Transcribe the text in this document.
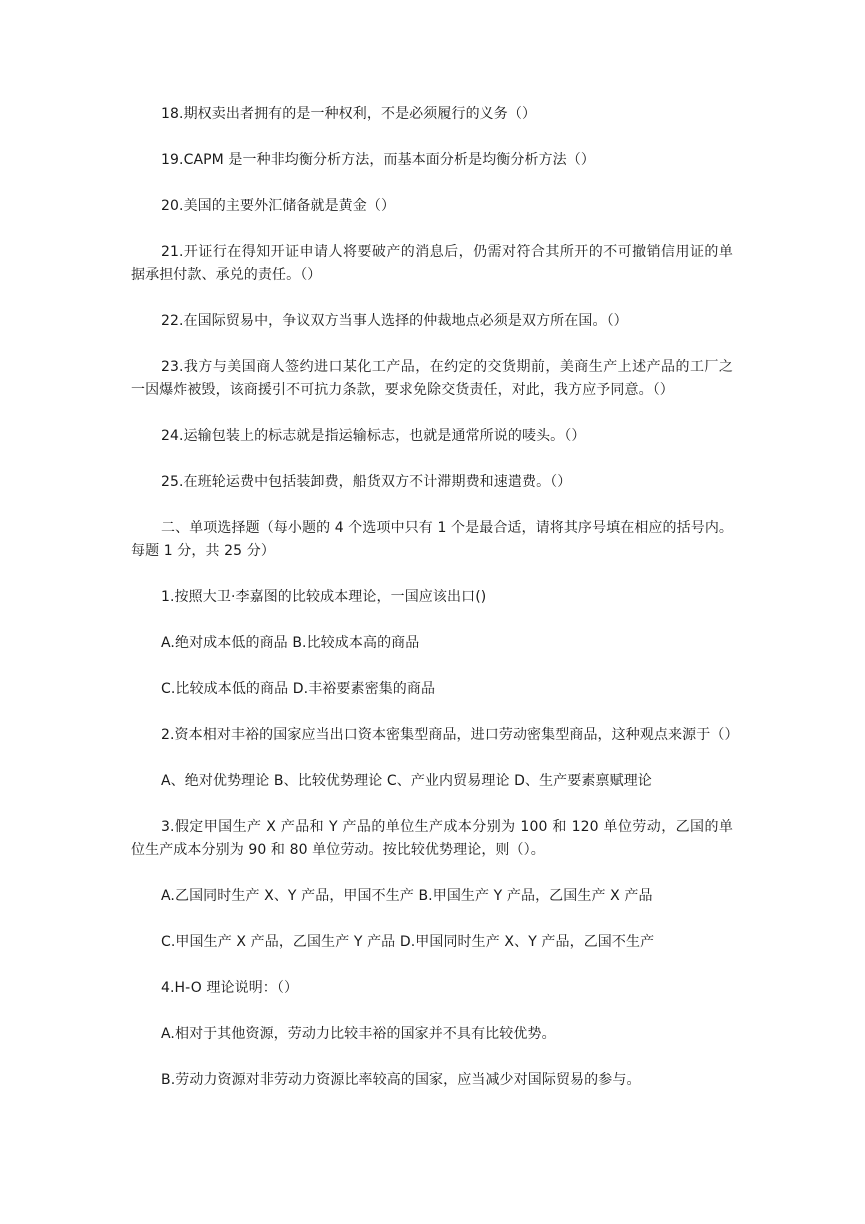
18.期权卖出者拥有的是一种权利，不是必须履行的义务（）

19.CAPM 是一种非均衡分析方法，而基本面分析是均衡分析方法（）

20.美国的主要外汇储备就是黄金（）

21.开证行在得知开证申请人将要破产的消息后，仍需对符合其所开的不可撤销信用证的单据承担付款、承兑的责任。（）

22.在国际贸易中，争议双方当事人选择的仲裁地点必须是双方所在国。（）

23.我方与美国商人签约进口某化工产品，在约定的交货期前，美商生产上述产品的工厂之一因爆炸被毁，该商援引不可抗力条款，要求免除交货责任，对此，我方应予同意。（）

24.运输包装上的标志就是指运输标志，也就是通常所说的唛头。（）

25.在班轮运费中包括装卸费，船货双方不计滞期费和速遣费。（）

二、单项选择题（每小题的 4 个选项中只有 1 个是最合适，请将其序号填在相应的括号内。每题 1 分，共 25 分）

1.按照大卫·李嘉图的比较成本理论，一国应该出口()

A.绝对成本低的商品 B.比较成本高的商品

C.比较成本低的商品 D.丰裕要素密集的商品

2.资本相对丰裕的国家应当出口资本密集型商品，进口劳动密集型商品，这种观点来源于（）

A、绝对优势理论 B、比较优势理论 C、产业内贸易理论 D、生产要素禀赋理论

3.假定甲国生产 X 产品和 Y 产品的单位生产成本分别为 100 和 120 单位劳动，乙国的单位生产成本分别为 90 和 80 单位劳动。按比较优势理论，则（）。

A.乙国同时生产 X、Y 产品，甲国不生产 B.甲国生产 Y 产品，乙国生产 X 产品

C.甲国生产 X 产品，乙国生产 Y 产品 D.甲国同时生产 X、Y 产品，乙国不生产

4.H-O 理论说明：（）

A.相对于其他资源，劳动力比较丰裕的国家并不具有比较优势。

B.劳动力资源对非劳动力资源比率较高的国家，应当减少对国际贸易的参与。
